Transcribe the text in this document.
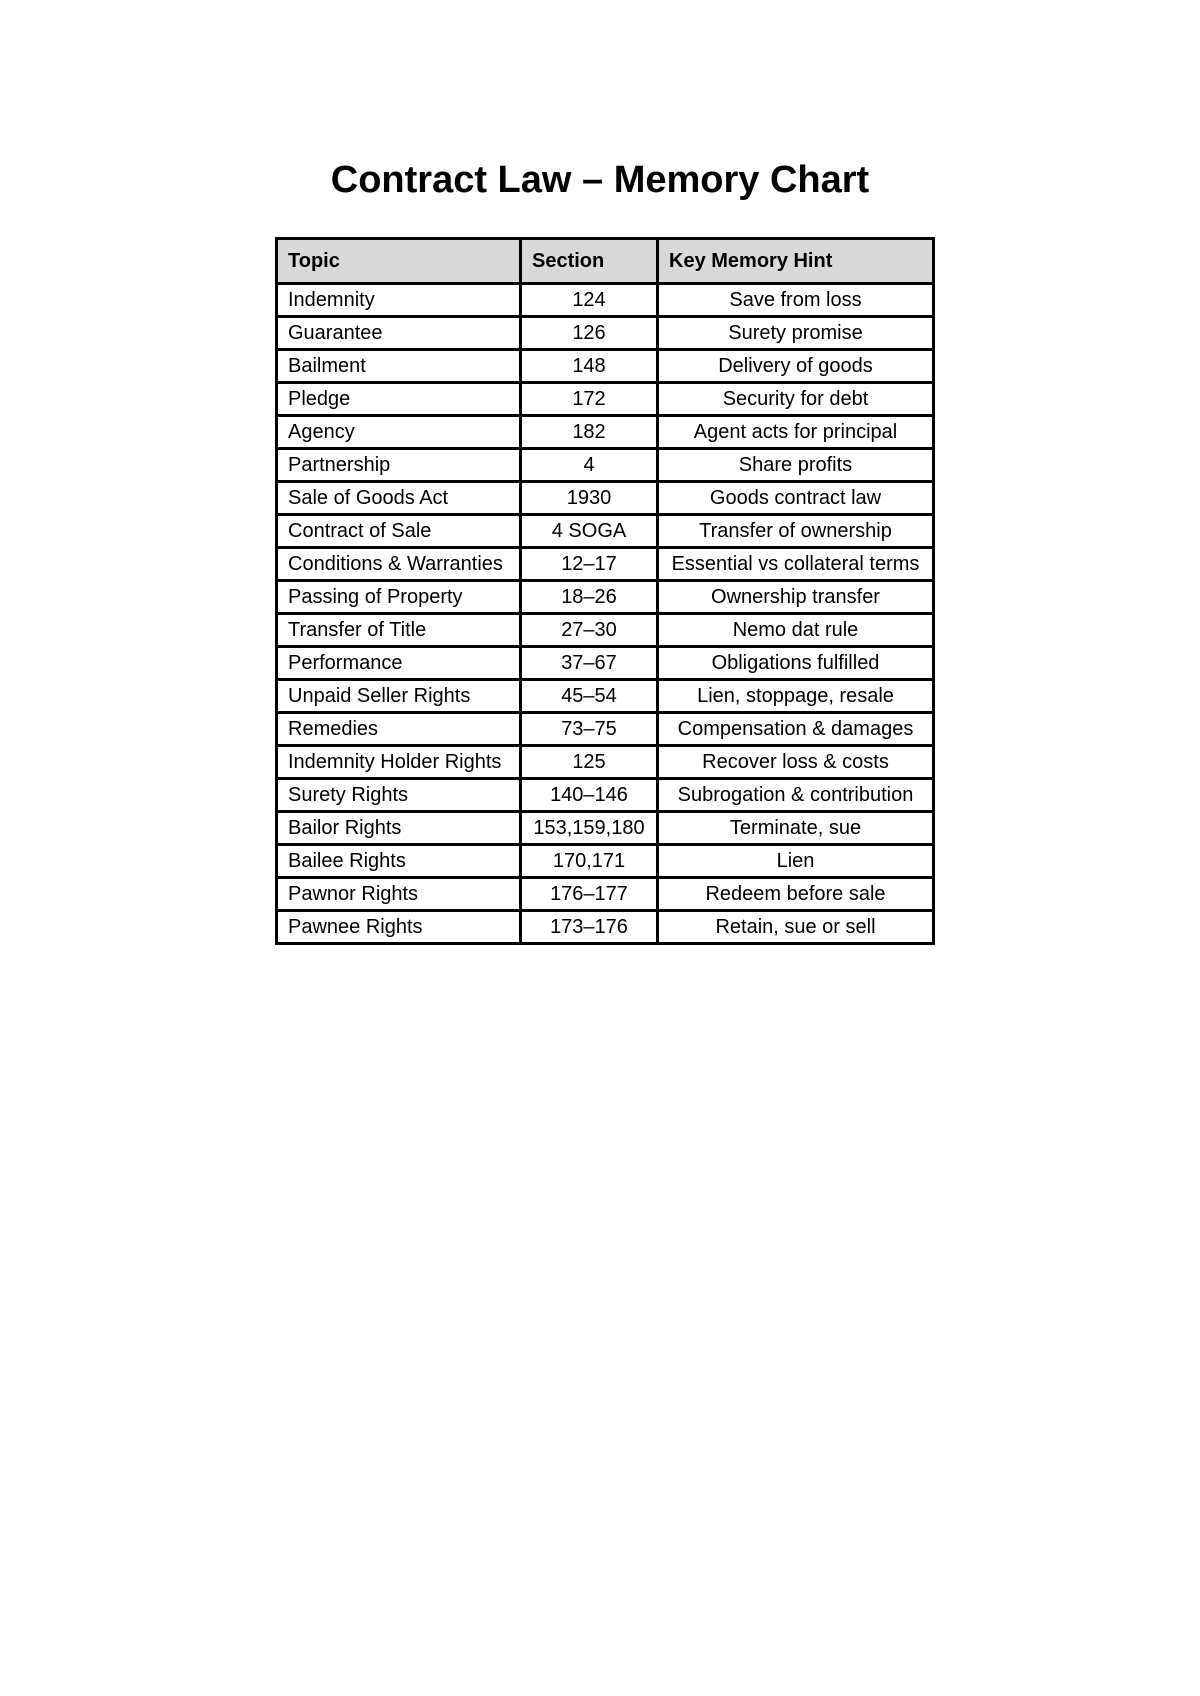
Contract Law – Memory Chart
Topic	Section	Key Memory Hint
Indemnity	124	Save from loss
Guarantee	126	Surety promise
Bailment	148	Delivery of goods
Pledge	172	Security for debt
Agency	182	Agent acts for principal
Partnership	4	Share profits
Sale of Goods Act	1930	Goods contract law
Contract of Sale	4 SOGA	Transfer of ownership
Conditions & Warranties	12–17	Essential vs collateral terms
Passing of Property	18–26	Ownership transfer
Transfer of Title	27–30	Nemo dat rule
Performance	37–67	Obligations fulfilled
Unpaid Seller Rights	45–54	Lien, stoppage, resale
Remedies	73–75	Compensation & damages
Indemnity Holder Rights	125	Recover loss & costs
Surety Rights	140–146	Subrogation & contribution
Bailor Rights	153,159,180	Terminate, sue
Bailee Rights	170,171	Lien
Pawnor Rights	176–177	Redeem before sale
Pawnee Rights	173–176	Retain, sue or sell
